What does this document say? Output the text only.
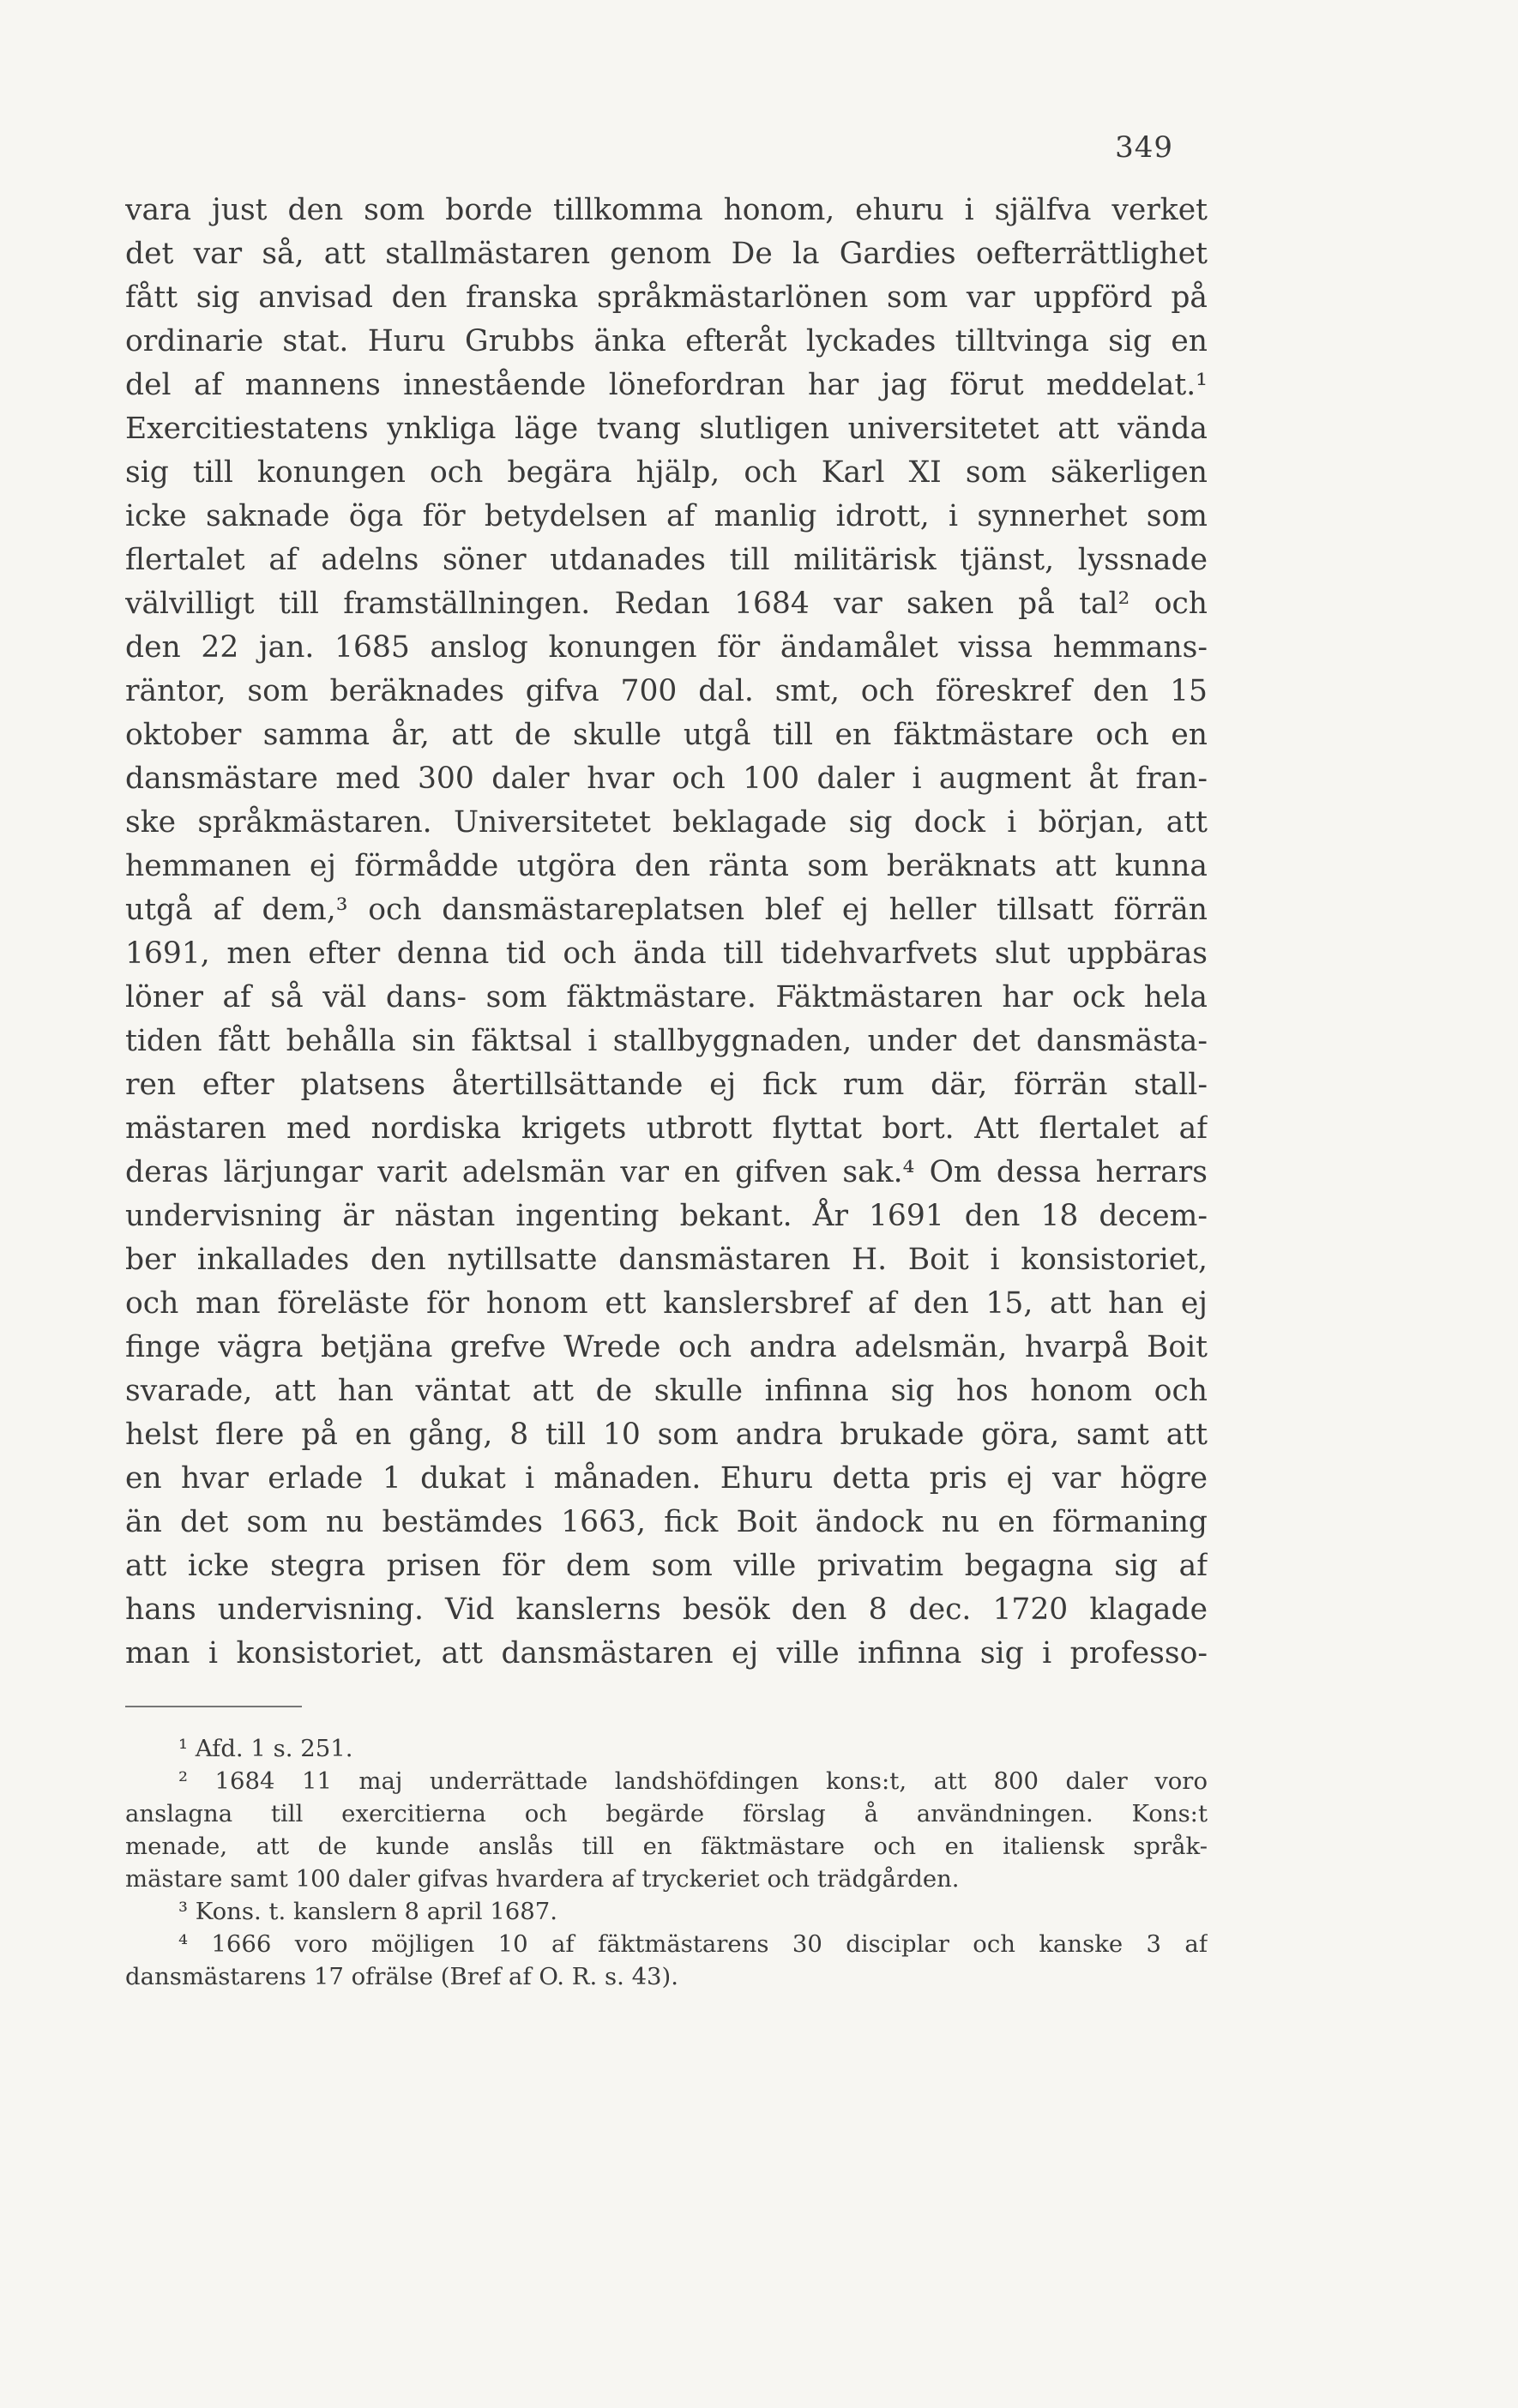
349
vara just den som borde tillkomma honom, ehuru i själfva verket
det var så, att stallmästaren genom De la Gardies oefterrättlighet
fått sig anvisad den franska språkmästarlönen som var uppförd på
ordinarie stat. Huru Grubbs änka efteråt lyckades tilltvinga sig en
del af mannens innestående lönefordran har jag förut meddelat.¹
Exercitiestatens ynkliga läge tvang slutligen universitetet att vända
sig till konungen och begära hjälp, och Karl XI som säkerligen
icke saknade öga för betydelsen af manlig idrott, i synnerhet som
flertalet af adelns söner utdanades till militärisk tjänst, lyssnade
välvilligt till framställningen. Redan 1684 var saken på tal² och
den 22 jan. 1685 anslog konungen för ändamålet vissa hemmans-
räntor, som beräknades gifva 700 dal. smt, och föreskref den 15
oktober samma år, att de skulle utgå till en fäktmästare och en
dansmästare med 300 daler hvar och 100 daler i augment åt fran-
ske språkmästaren. Universitetet beklagade sig dock i början, att
hemmanen ej förmådde utgöra den ränta som beräknats att kunna
utgå af dem,³ och dansmästareplatsen blef ej heller tillsatt förrän
1691, men efter denna tid och ända till tidehvarfvets slut uppbäras
löner af så väl dans- som fäktmästare. Fäktmästaren har ock hela
tiden fått behålla sin fäktsal i stallbyggnaden, under det dansmästa-
ren efter platsens återtillsättande ej fick rum där, förrän stall-
mästaren med nordiska krigets utbrott flyttat bort. Att flertalet af
deras lärjungar varit adelsmän var en gifven sak.⁴ Om dessa herrars
undervisning är nästan ingenting bekant. År 1691 den 18 decem-
ber inkallades den nytillsatte dansmästaren H. Boit i konsistoriet,
och man föreläste för honom ett kanslersbref af den 15, att han ej
finge vägra betjäna grefve Wrede och andra adelsmän, hvarpå Boit
svarade, att han väntat att de skulle infinna sig hos honom och
helst flere på en gång, 8 till 10 som andra brukade göra, samt att
en hvar erlade 1 dukat i månaden. Ehuru detta pris ej var högre
än det som nu bestämdes 1663, fick Boit ändock nu en förmaning
att icke stegra prisen för dem som ville privatim begagna sig af
hans undervisning. Vid kanslerns besök den 8 dec. 1720 klagade
man i konsistoriet, att dansmästaren ej ville infinna sig i professo-
¹ Afd. 1 s. 251.
² 1684 11 maj underrättade landshöfdingen kons:t, att 800 daler voro
anslagna till exercitierna och begärde förslag å användningen. Kons:t
menade, att de kunde anslås till en fäktmästare och en italiensk språk-
mästare samt 100 daler gifvas hvardera af tryckeriet och trädgården.
³ Kons. t. kanslern 8 april 1687.
⁴ 1666 voro möjligen 10 af fäktmästarens 30 disciplar och kanske 3 af
dansmästarens 17 ofrälse (Bref af O. R. s. 43).
